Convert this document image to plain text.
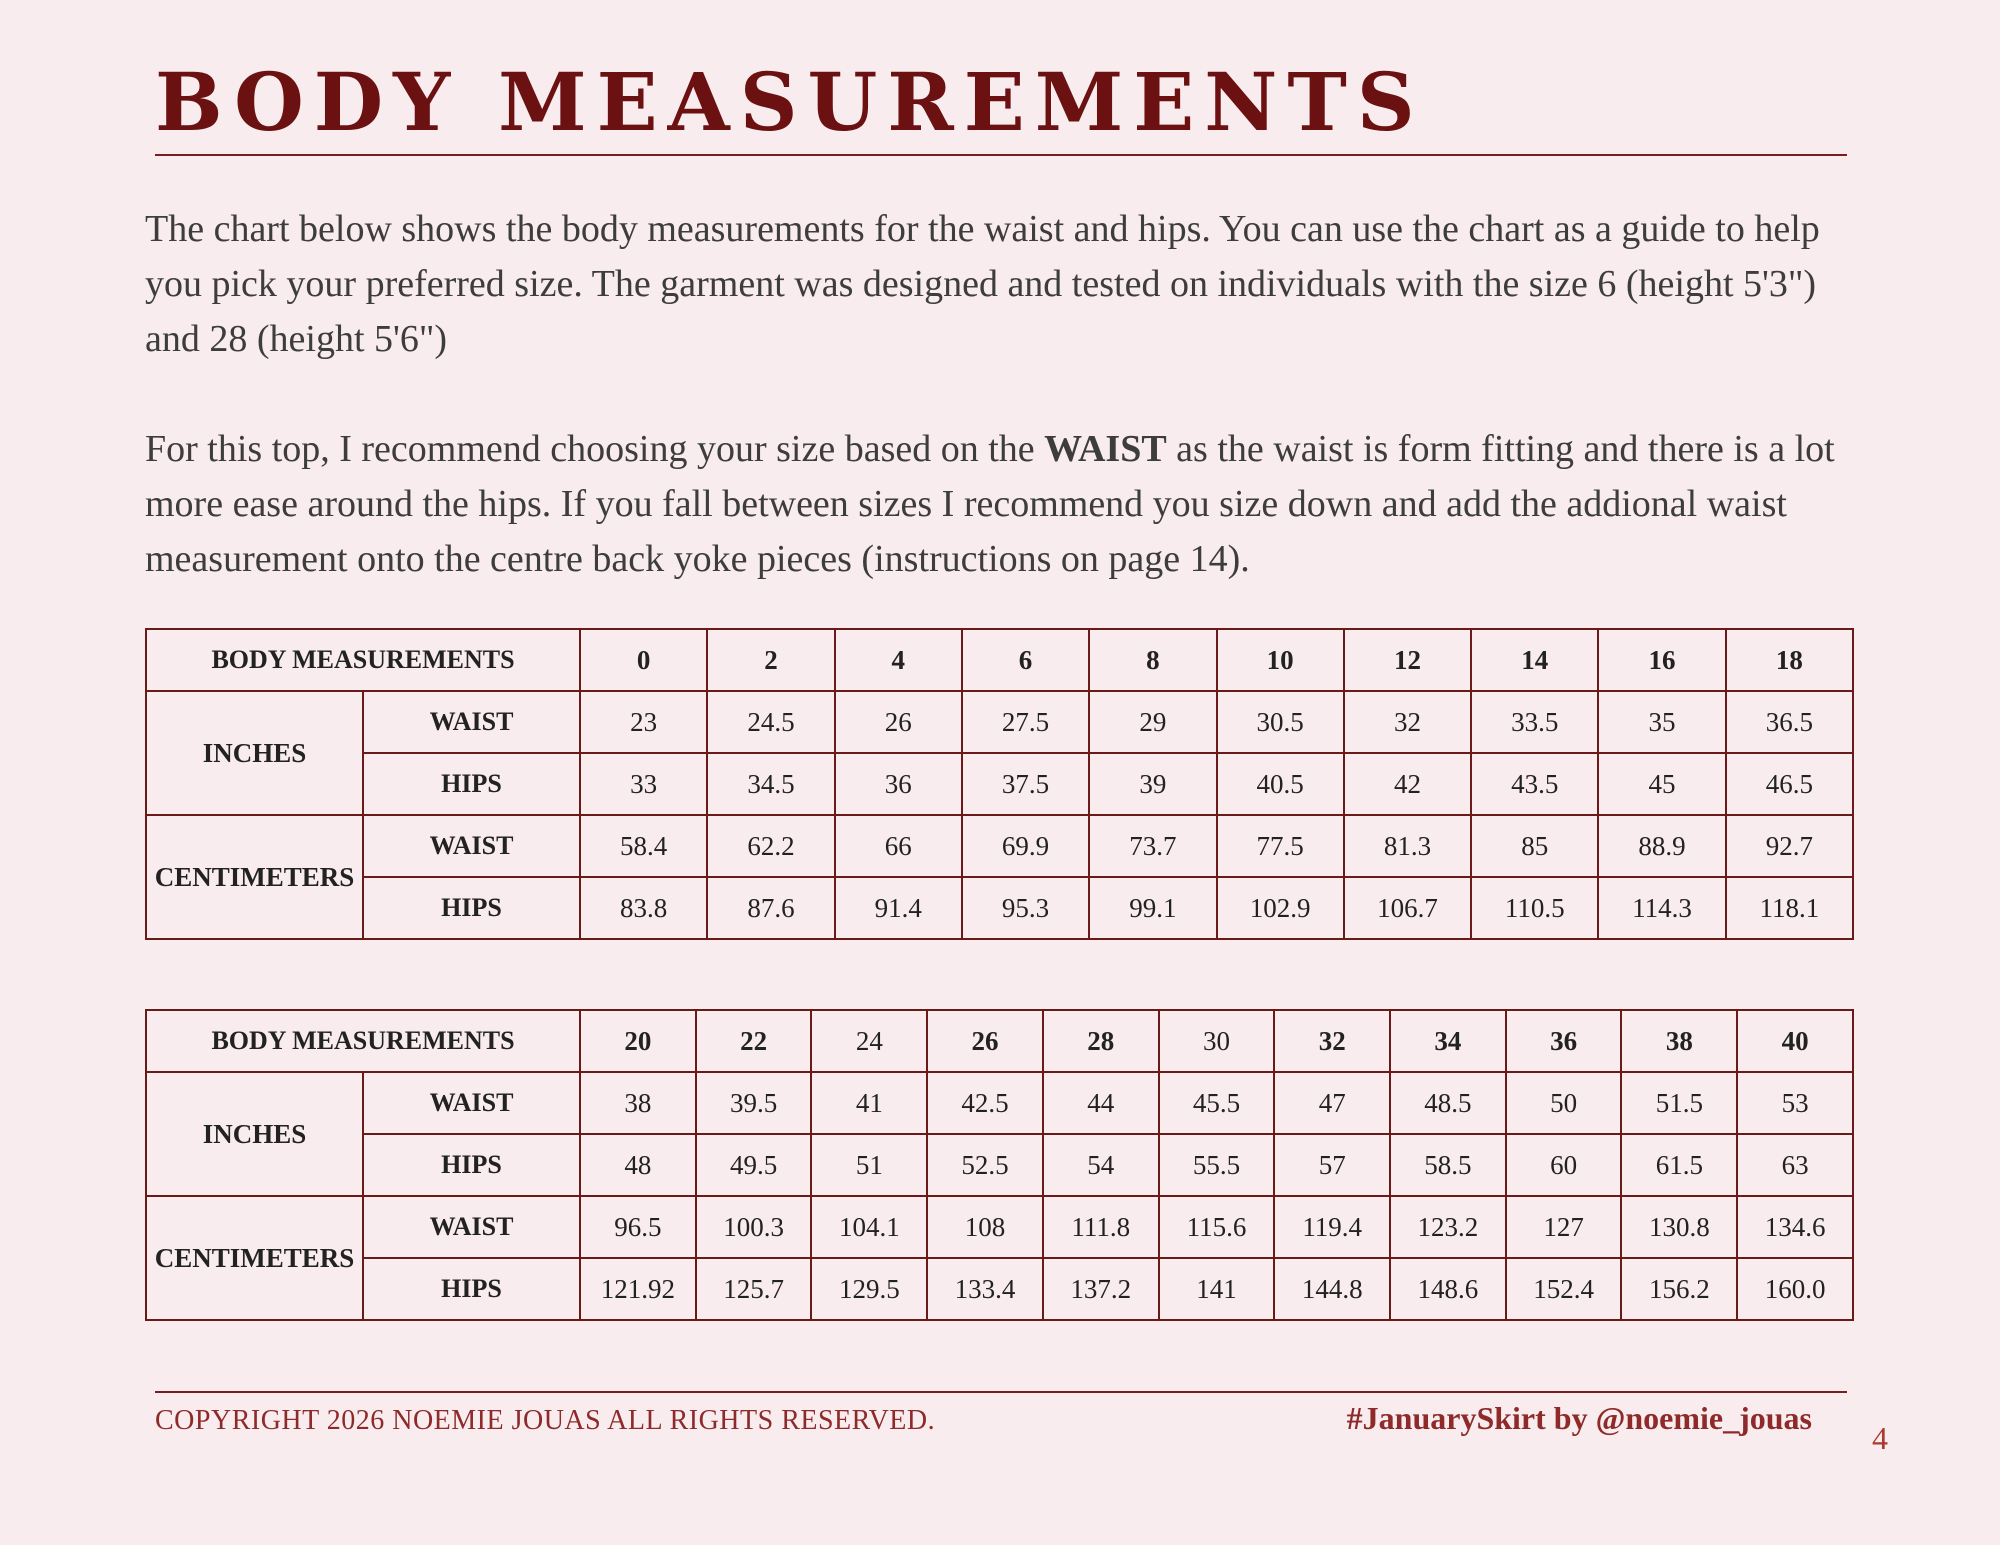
BODY MEASUREMENTS

The chart below shows the body measurements for the waist and hips. You can use the chart as a guide to help you pick your preferred size. The garment was designed and tested on individuals with the size 6 (height 5'3") and 28 (height 5'6")

For this top, I recommend choosing your size based on the WAIST as the waist is form fitting and there is a lot more ease around the hips. If you fall between sizes I recommend you size down and add the addional waist measurement onto the centre back yoke pieces (instructions on page 14).

BODY MEASUREMENTS		0	2	4	6	8	10	12	14	16	18
INCHES	WAIST	23	24.5	26	27.5	29	30.5	32	33.5	35	36.5
	HIPS	33	34.5	36	37.5	39	40.5	42	43.5	45	46.5
CENTIMETERS	WAIST	58.4	62.2	66	69.9	73.7	77.5	81.3	85	88.9	92.7
	HIPS	83.8	87.6	91.4	95.3	99.1	102.9	106.7	110.5	114.3	118.1
BODY MEASUREMENTS		20	22	24	26	28	30	32	34	36	38	40
INCHES	WAIST	38	39.5	41	42.5	44	45.5	47	48.5	50	51.5	53
	HIPS	48	49.5	51	52.5	54	55.5	57	58.5	60	61.5	63
CENTIMETERS	WAIST	96.5	100.3	104.1	108	111.8	115.6	119.4	123.2	127	130.8	134.6
	HIPS	121.92	125.7	129.5	133.4	137.2	141	144.8	148.6	152.4	156.2	160.0
COPYRIGHT 2026 NOEMIE JOUAS ALL RIGHTS RESERVED.	#JanuarySkirt by @noemie_jouas
4
